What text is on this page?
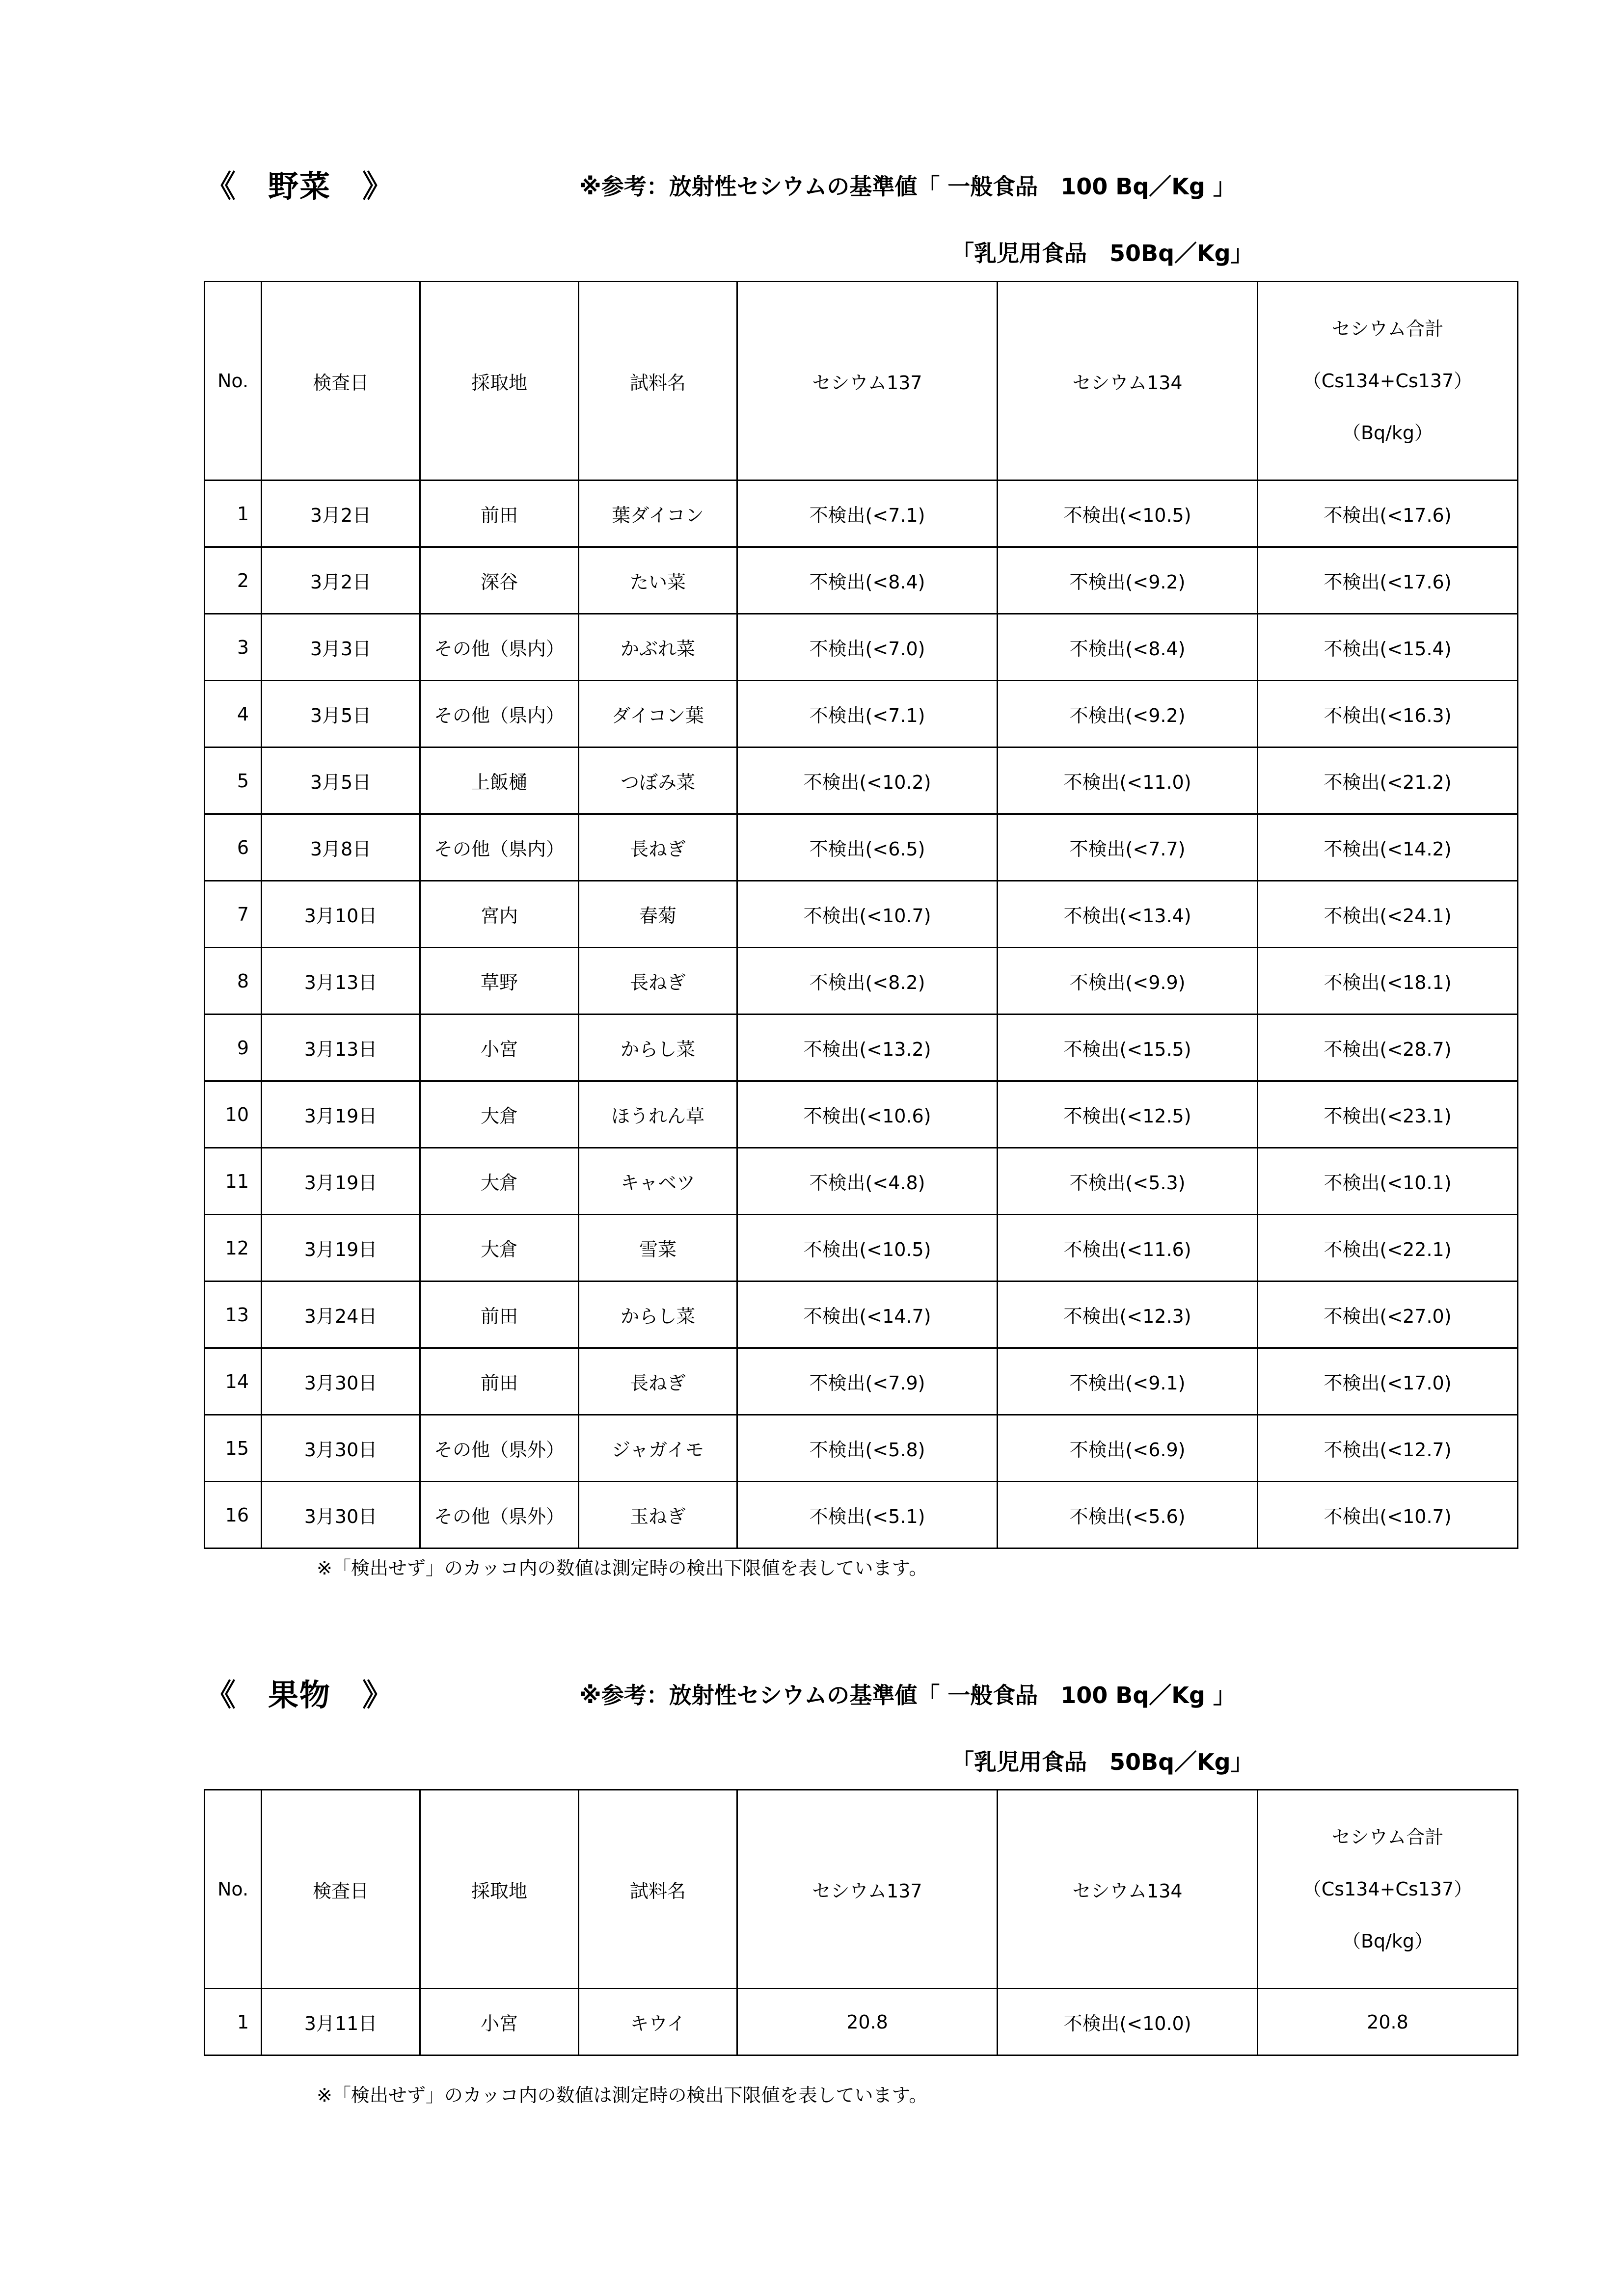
《　野菜　》	※参考：放射性セシウムの基準値「 一般食品　100 Bq／Kg 」
「乳児用食品　50Bq／Kg」
No.	検査日	採取地	試料名	セシウム137	セシウム134	セシウム合計
（Cs134+Cs137）
（Bq/kg）

1	3月2日	前田	葉ダイコン	不検出(<7.1)	不検出(<10.5)	不検出(<17.6)
2	3月2日	深谷	たい菜	不検出(<8.4)	不検出(<9.2)	不検出(<17.6)
3	3月3日	その他（県内）	かぶれ菜	不検出(<7.0)	不検出(<8.4)	不検出(<15.4)
4	3月5日	その他（県内）	ダイコン葉	不検出(<7.1)	不検出(<9.2)	不検出(<16.3)
5	3月5日	上飯樋	つぼみ菜	不検出(<10.2)	不検出(<11.0)	不検出(<21.2)
6	3月8日	その他（県内）	長ねぎ	不検出(<6.5)	不検出(<7.7)	不検出(<14.2)
7	3月10日	宮内	春菊	不検出(<10.7)	不検出(<13.4)	不検出(<24.1)
8	3月13日	草野	長ねぎ	不検出(<8.2)	不検出(<9.9)	不検出(<18.1)
9	3月13日	小宮	からし菜	不検出(<13.2)	不検出(<15.5)	不検出(<28.7)
10	3月19日	大倉	ほうれん草	不検出(<10.6)	不検出(<12.5)	不検出(<23.1)
11	3月19日	大倉	キャベツ	不検出(<4.8)	不検出(<5.3)	不検出(<10.1)
12	3月19日	大倉	雪菜	不検出(<10.5)	不検出(<11.6)	不検出(<22.1)
13	3月24日	前田	からし菜	不検出(<14.7)	不検出(<12.3)	不検出(<27.0)
14	3月30日	前田	長ねぎ	不検出(<7.9)	不検出(<9.1)	不検出(<17.0)
15	3月30日	その他（県外）	ジャガイモ	不検出(<5.8)	不検出(<6.9)	不検出(<12.7)
16	3月30日	その他（県外）	玉ねぎ	不検出(<5.1)	不検出(<5.6)	不検出(<10.7)
※「検出せず」のカッコ内の数値は測定時の検出下限値を表しています。
《　果物　》	※参考：放射性セシウムの基準値「 一般食品　100 Bq／Kg 」
「乳児用食品　50Bq／Kg」
No.	検査日	採取地	試料名	セシウム137	セシウム134	セシウム合計
（Cs134+Cs137）
（Bq/kg）

1	3月11日	小宮	キウイ	20.8	不検出(<10.0)	20.8
※「検出せず」のカッコ内の数値は測定時の検出下限値を表しています。
